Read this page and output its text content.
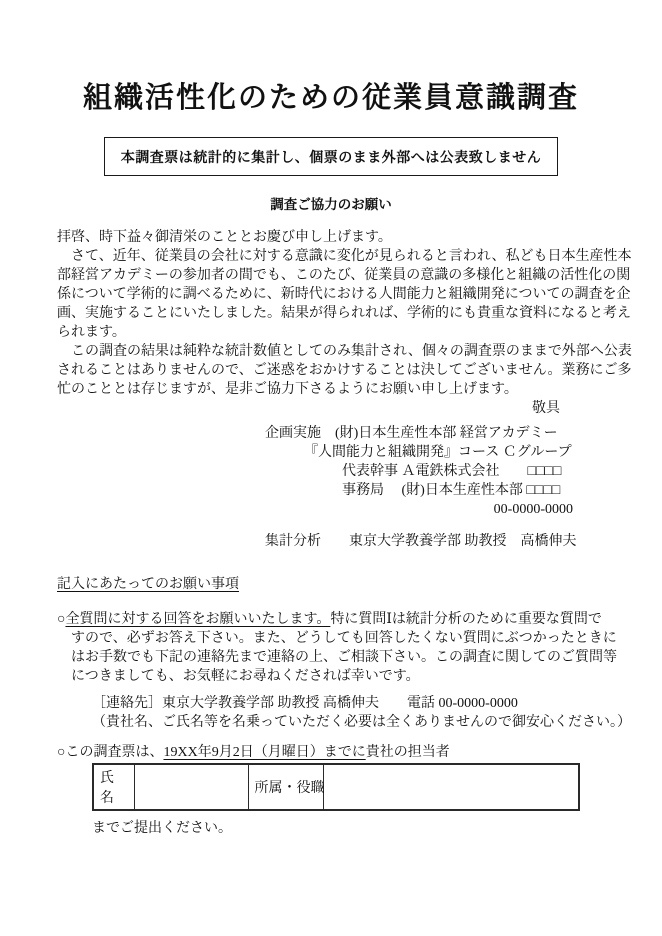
組織活性化のための従業員意識調査
本調査票は統計的に集計し、個票のまま外部へは公表致しません
調査ご協力のお願い
拝啓、時下益々御清栄のこととお慶び申し上げます。
　さて、近年、従業員の会社に対する意識に変化が見られると言われ、私ども日本生産性本
部経営アカデミーの参加者の間でも、このたび、従業員の意識の多様化と組織の活性化の関
係について学術的に調べるために、新時代における人間能力と組織開発についての調査を企
画、実施することにいたしました。結果が得られれば、学術的にも貴重な資料になると考え
られます。
　この調査の結果は純粋な統計数値としてのみ集計され、個々の調査票のままで外部へ公表
されることはありませんので、ご迷惑をおかけすることは決してございません。業務にご多
忙のこととは存じますが、是非ご協力下さるようにお願い申し上げます。
敬具
企画実施　(財)日本生産性本部 経営アカデミー
『人間能力と組織開発』コース Ｃグループ
代表幹事 Ａ電鉄株式会社　　□□□□
事務局　 (財)日本生産性本部 □□□□
00-0000-0000
集計分析　　東京大学教養学部 助教授　高橋伸夫
記入にあたってのお願い事項
○全質問に対する回答をお願いいたします。特に質問Ⅰは統計分析のために重要な質問で
すので、必ずお答え下さい。また、どうしても回答したくない質問にぶつかったときに
はお手数でも下記の連絡先まで連絡の上、ご相談下さい。この調査に関してのご質問等
につきましても、お気軽にお尋ねくだされば幸いです。
［連絡先］東京大学教養学部 助教授 高橋伸夫　　電話 00-0000-0000
（貴社名、ご氏名等を名乗っていただく必要は全くありませんので御安心ください。）
○この調査票は、19XX年9月2日（月曜日）までに貴社の担当者
氏名		所属・役職	
までご提出ください。
